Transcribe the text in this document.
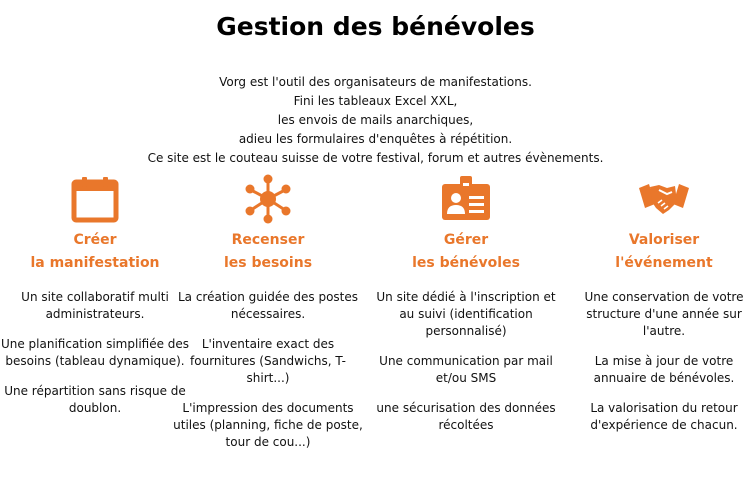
Gestion des bénévoles
Vorg est l'outil des organisateurs de manifestations.
Fini les tableaux Excel XXL,
les envois de mails anarchiques,
adieu les formulaires d'enquêtes à répétition.
Ce site est le couteau suisse de votre festival, forum et autres évènements.
Créer
la manifestation

Un site collaboratif multi administrateurs.

Une planification simplifiée des besoins (tableau dynamique).

Une répartition sans risque de doublon.

Recenser
les besoins

La création guidée des postes nécessaires.

L'inventaire exact des fournitures (Sandwichs, T-shirt...)

L'impression des documents utiles (planning, fiche de poste, tour de cou...)

Gérer
les bénévoles

Un site dédié à l'inscription et au suivi (identification personnalisé)

Une communication par mail et/ou SMS

une sécurisation des données récoltées

Valoriser
l'événement

Une conservation de votre structure d'une année sur l'autre.

La mise à jour de votre annuaire de bénévoles.

La valorisation du retour d'expérience de chacun.
